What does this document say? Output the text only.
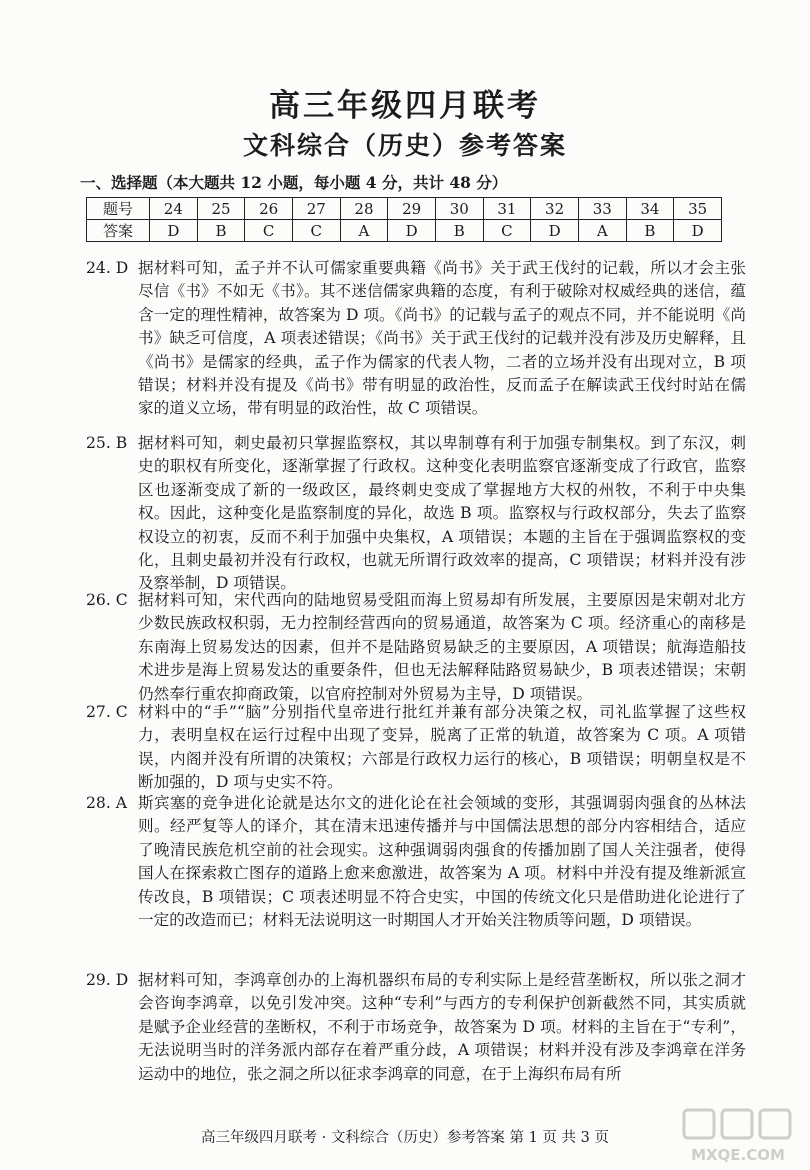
高三年级四月联考
文科综合（历史）参考答案
一、选择题（本大题共 12 小题，每小题 4 分，共计 48 分）
题号	24	25	26	27	28	29	30	31	32	33	34	35
答案	D	B	C	C	A	D	B	C	D	A	B	D
24. D 据材料可知，孟子并不认可儒家重要典籍《尚书》关于武王伐纣的记载，所以才会主张尽信《书》不如无《书》。其不迷信儒家典籍的态度，有利于破除对权威经典的迷信，蕴含一定的理性精神，故答案为 D 项。《尚书》的记载与孟子的观点不同，并不能说明《尚书》缺乏可信度，A 项表述错误；《尚书》关于武王伐纣的记载并没有涉及历史解释，且《尚书》是儒家的经典，孟子作为儒家的代表人物，二者的立场并没有出现对立，B 项错误；材料并没有提及《尚书》带有明显的政治性，反而孟子在解读武王伐纣时站在儒家的道义立场，带有明显的政治性，故 C 项错误。
25. B 据材料可知，刺史最初只掌握监察权，其以卑制尊有利于加强专制集权。到了东汉，刺史的职权有所变化，逐渐掌握了行政权。这种变化表明监察官逐渐变成了行政官，监察区也逐渐变成了新的一级政区，最终刺史变成了掌握地方大权的州牧，不利于中央集权。因此，这种变化是监察制度的异化，故选 B 项。监察权与行政权部分，失去了监察权设立的初衷，反而不利于加强中央集权，A 项错误；本题的主旨在于强调监察权的变化，且刺史最初并没有行政权，也就无所谓行政效率的提高，C 项错误；材料并没有涉及察举制，D 项错误。
26. C 据材料可知，宋代西向的陆地贸易受阻而海上贸易却有所发展，主要原因是宋朝对北方少数民族政权积弱，无力控制经营西向的贸易通道，故答案为 C 项。经济重心的南移是东南海上贸易发达的因素，但并不是陆路贸易缺乏的主要原因，A 项错误；航海造船技术进步是海上贸易发达的重要条件，但也无法解释陆路贸易缺少，B 项表述错误；宋朝仍然奉行重农抑商政策，以官府控制对外贸易为主导，D 项错误。
27. C 材料中的“手”“脑”分别指代皇帝进行批红并兼有部分决策之权，司礼监掌握了这些权力，表明皇权在运行过程中出现了变异，脱离了正常的轨道，故答案为 C 项。A 项错误，内阁并没有所谓的决策权；六部是行政权力运行的核心，B 项错误；明朝皇权是不断加强的，D 项与史实不符。
28. A 斯宾塞的竞争进化论就是达尔文的进化论在社会领域的变形，其强调弱肉强食的丛林法则。经严复等人的译介，其在清末迅速传播并与中国儒法思想的部分内容相结合，适应了晚清民族危机空前的社会现实。这种强调弱肉强食的传播加剧了国人关注强者，使得国人在探索救亡图存的道路上愈来愈激进，故答案为 A 项。材料中并没有提及维新派宣传改良，B 项错误；C 项表述明显不符合史实，中国的传统文化只是借助进化论进行了一定的改造而已；材料无法说明这一时期国人才开始关注物质等问题，D 项错误。
29. D 据材料可知，李鸿章创办的上海机器织布局的专利实际上是经营垄断权，所以张之洞才会咨询李鸿章，以免引发冲突。这种“专利”与西方的专利保护创新截然不同，其实质就是赋予企业经营的垄断权，不利于市场竞争，故答案为 D 项。材料的主旨在于“专利”，无法说明当时的洋务派内部存在着严重分歧，A 项错误；材料并没有涉及李鸿章在洋务运动中的地位，张之洞之所以征求李鸿章的同意，在于上海织布局有所
高三年级四月联考 · 文科综合（历史）参考答案 第 1 页 共 3 页
MXQE.COM
